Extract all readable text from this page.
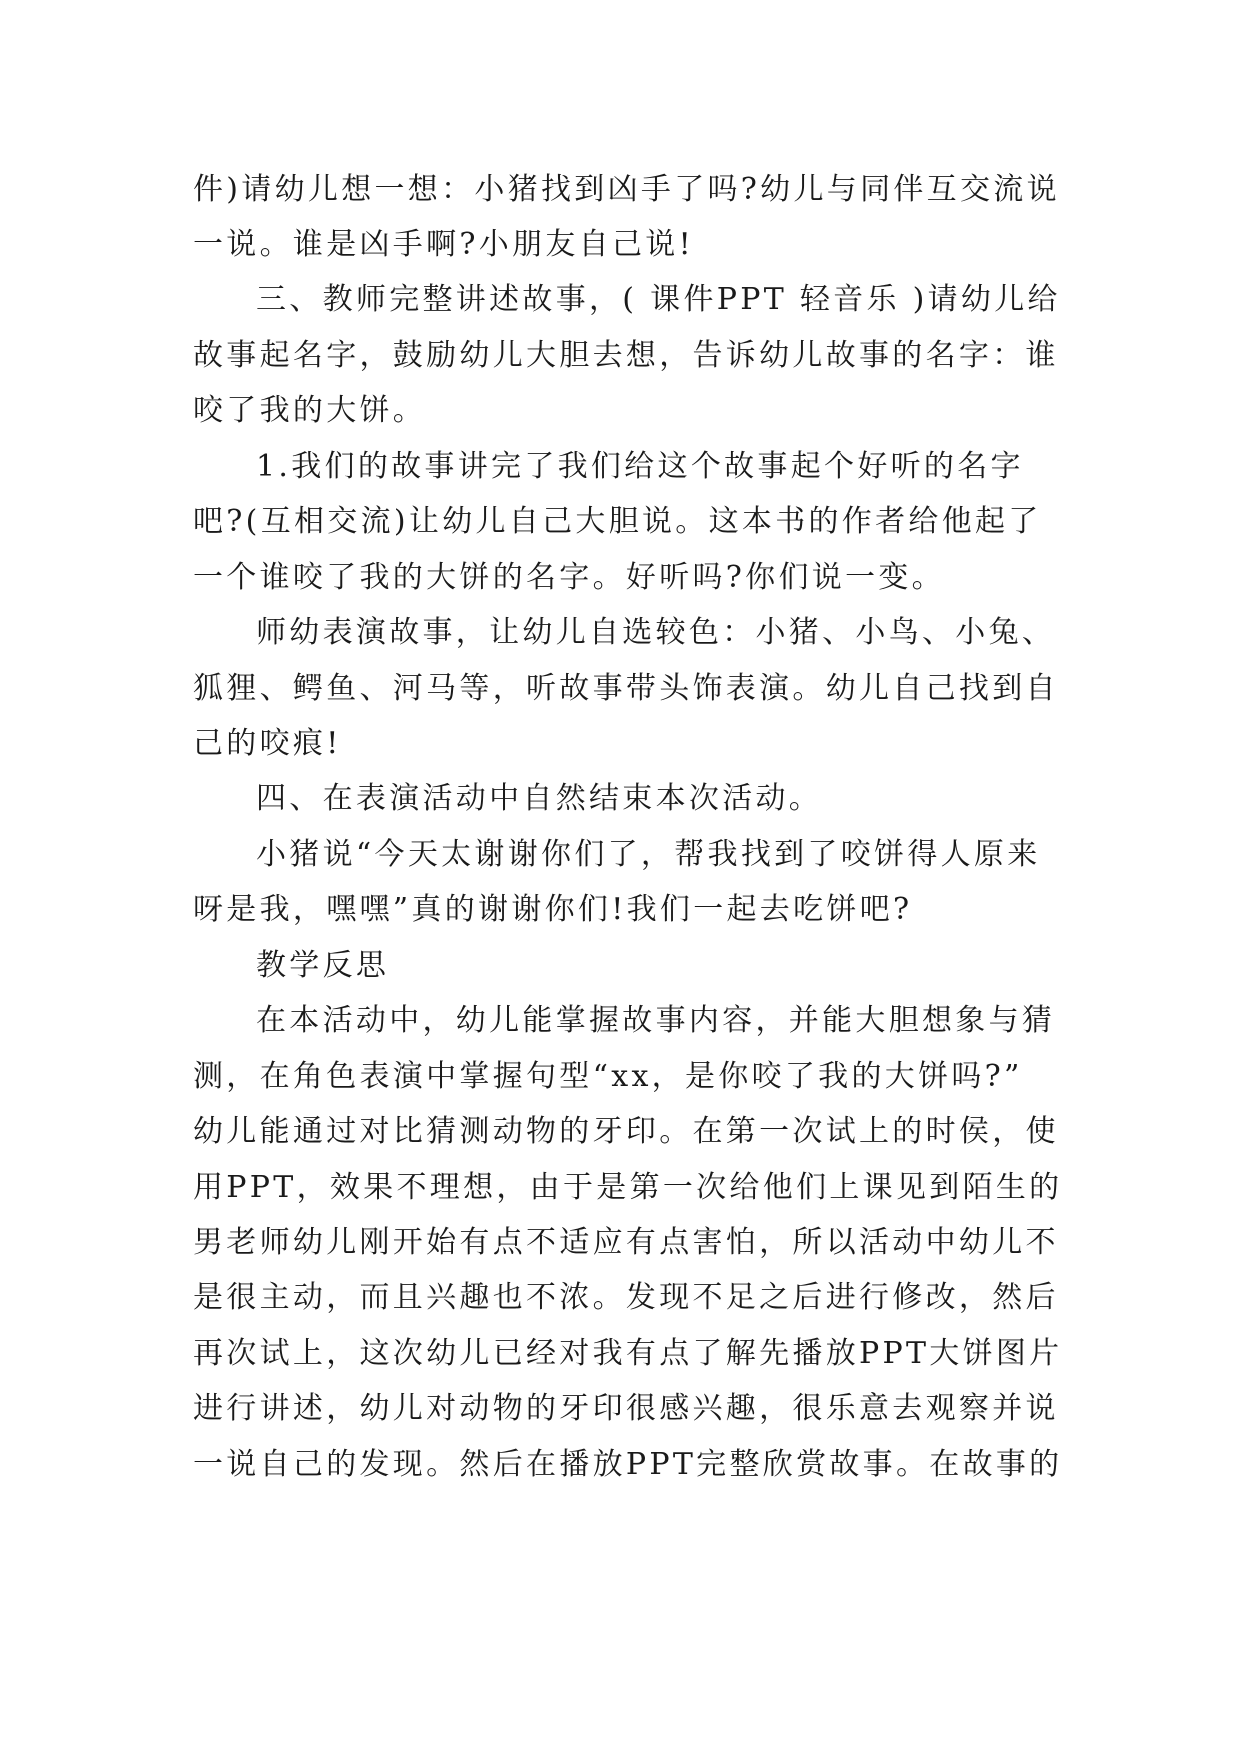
件)请幼儿想一想：小猪找到凶手了吗?幼儿与同伴互交流说
一说。谁是凶手啊?小朋友自己说!
三、教师完整讲述故事，( 课件PPT 轻音乐 )请幼儿给
故事起名字，鼓励幼儿大胆去想，告诉幼儿故事的名字：谁
咬了我的大饼。
1.我们的故事讲完了我们给这个故事起个好听的名字
吧?(互相交流)让幼儿自己大胆说。这本书的作者给他起了
一个谁咬了我的大饼的名字。好听吗?你们说一变。
师幼表演故事，让幼儿自选较色：小猪、小鸟、小兔、
狐狸、鳄鱼、河马等，听故事带头饰表演。幼儿自己找到自
己的咬痕!
四、在表演活动中自然结束本次活动。
小猪说“今天太谢谢你们了，帮我找到了咬饼得人原来
呀是我，嘿嘿”真的谢谢你们!我们一起去吃饼吧?
教学反思
在本活动中，幼儿能掌握故事内容，并能大胆想象与猜
测，在角色表演中掌握句型“xx，是你咬了我的大饼吗?”
幼儿能通过对比猜测动物的牙印。在第一次试上的时侯，使
用PPT，效果不理想，由于是第一次给他们上课见到陌生的
男老师幼儿刚开始有点不适应有点害怕，所以活动中幼儿不
是很主动，而且兴趣也不浓。发现不足之后进行修改，然后
再次试上，这次幼儿已经对我有点了解先播放PPT大饼图片
进行讲述，幼儿对动物的牙印很感兴趣，很乐意去观察并说
一说自己的发现。然后在播放PPT完整欣赏故事。在故事的
